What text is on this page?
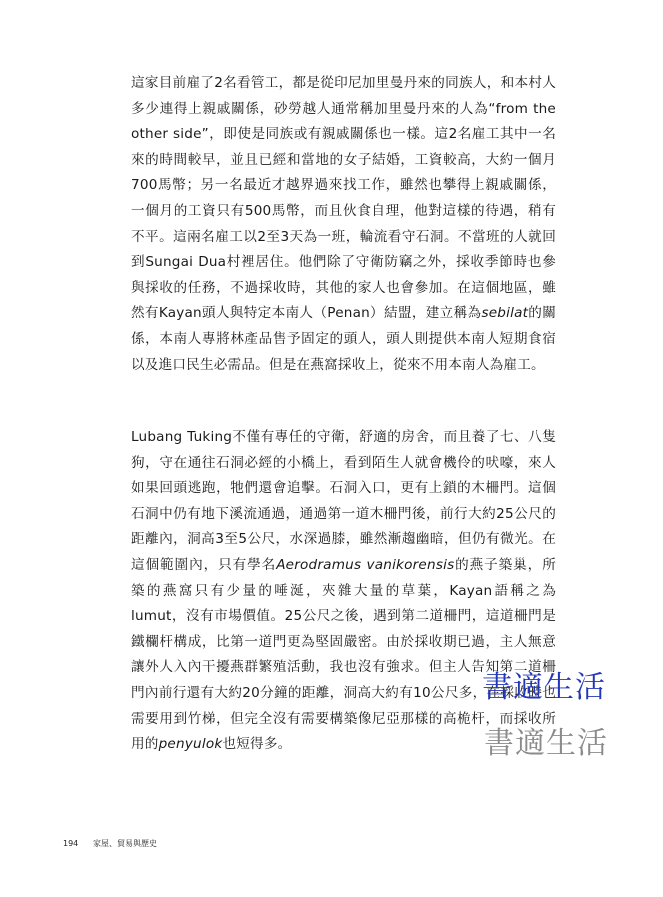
這家目前雇了2名看管工，都是從印尼加里曼丹來的同族人，和本村人多少連得上親戚關係，砂勞越人通常稱加里曼丹來的人為“from the other side”，即使是同族或有親戚關係也一樣。這2名雇工其中一名來的時間較早，並且已經和當地的女子結婚，工資較高，大約一個月700馬幣；另一名最近才越界過來找工作，雖然也攀得上親戚關係，一個月的工資只有500馬幣，而且伙食自理，他對這樣的待遇，稍有不平。這兩名雇工以2至3天為一班，輪流看守石洞。不當班的人就回到Sungai Dua村裡居住。他們除了守衛防竊之外，採收季節時也參與採收的任務，不過採收時，其他的家人也會參加。在這個地區，雖然有Kayan頭人與特定本南人（Penan）結盟，建立稱為sebilat的關係，本南人專將林產品售予固定的頭人，頭人則提供本南人短期食宿以及進口民生必需品。但是在燕窩採收上，從來不用本南人為雇工。

Lubang Tuking不僅有專任的守衛，舒適的房舍，而且養了七、八隻狗，守在通往石洞必經的小橋上，看到陌生人就會機伶的吠嚎，來人如果回頭逃跑，牠們還會追擊。石洞入口，更有上鎖的木柵門。這個石洞中仍有地下溪流通過，通過第一道木柵門後，前行大約25公尺的距離內，洞高3至5公尺，水深過膝，雖然漸趨幽暗，但仍有微光。在這個範圍內，只有學名Aerodramus vanikorensis的燕子築巢，所築的燕窩只有少量的唾涎，夾雜大量的草葉，Kayan語稱之為lumut，沒有市場價值。25公尺之後，遇到第二道柵門，這道柵門是鐵欄杆構成，比第一道門更為堅固嚴密。由於採收期已過，主人無意讓外人入內干擾燕群繁殖活動，我也沒有強求。但主人告知第二道柵門內前行還有大約20分鐘的距離，洞高大約有10公尺多，在採收時也需要用到竹梯，但完全沒有需要構築像尼亞那樣的高桅杆，而採收所用的penyulok也短得多。

書適生活
書適生活
194 家屋、貿易與歷史
